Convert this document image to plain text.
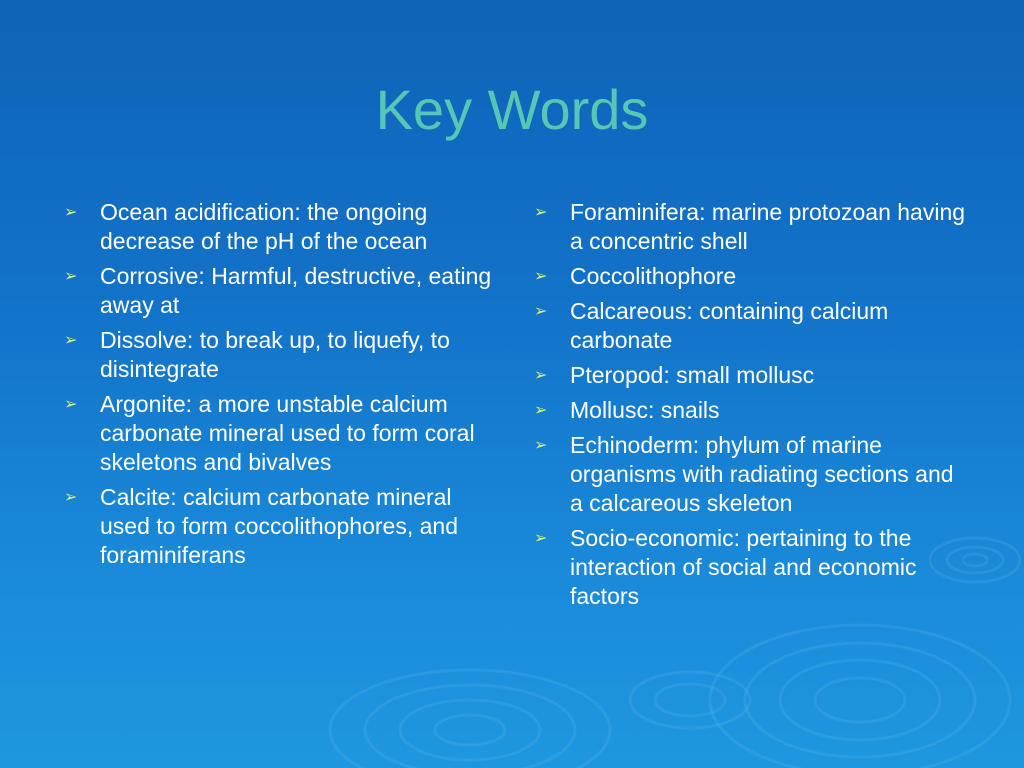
Key Words
➢ Ocean acidification: the ongoing decrease of the pH of the ocean
➢ Corrosive: Harmful, destructive, eating away at
➢ Dissolve: to break up, to liquefy, to disintegrate
➢ Argonite: a more unstable calcium carbonate mineral used to form coral skeletons and bivalves
➢ Calcite: calcium carbonate mineral used to form coccolithophores, and foraminiferans
➢ Foraminifera: marine protozoan having a concentric shell
➢ Coccolithophore
➢ Calcareous: containing calcium carbonate
➢ Pteropod: small mollusc
➢ Mollusc: snails
➢ Echinoderm: phylum of marine organisms with radiating sections and a calcareous skeleton
➢ Socio-economic: pertaining to the interaction of social and economic factors
